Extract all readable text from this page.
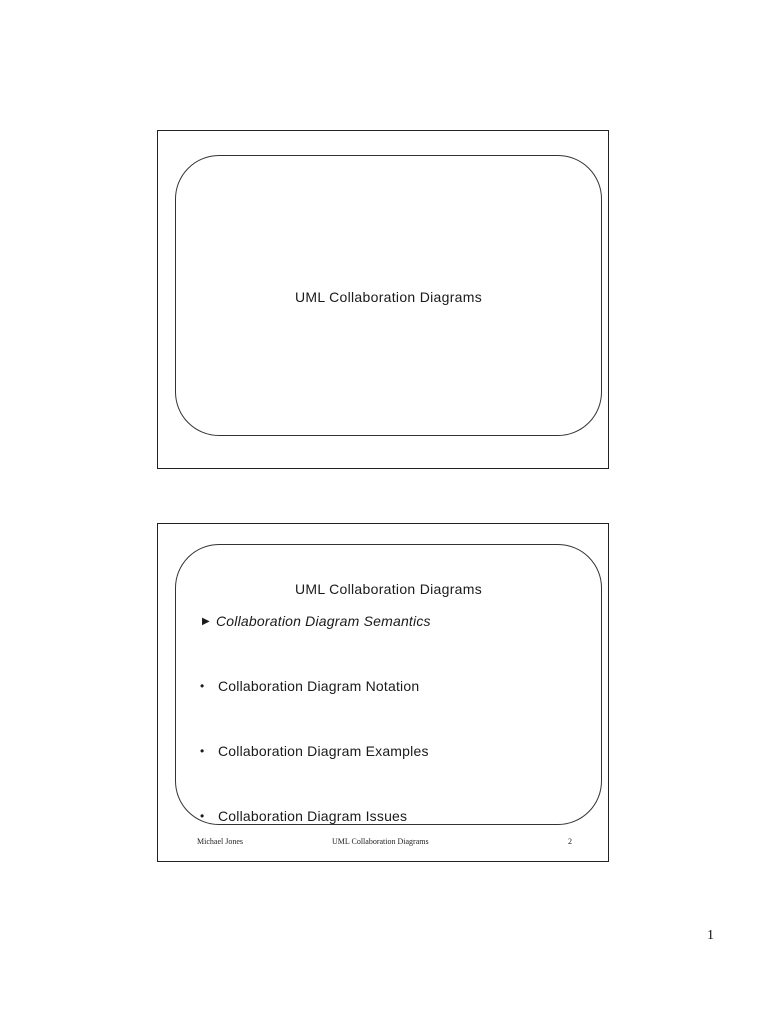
UML Collaboration Diagrams
UML Collaboration Diagrams
▶ Collaboration Diagram Semantics
• Collaboration Diagram Notation
• Collaboration Diagram Examples
• Collaboration Diagram Issues
Michael Jones	UML Collaboration Diagrams	2
1
